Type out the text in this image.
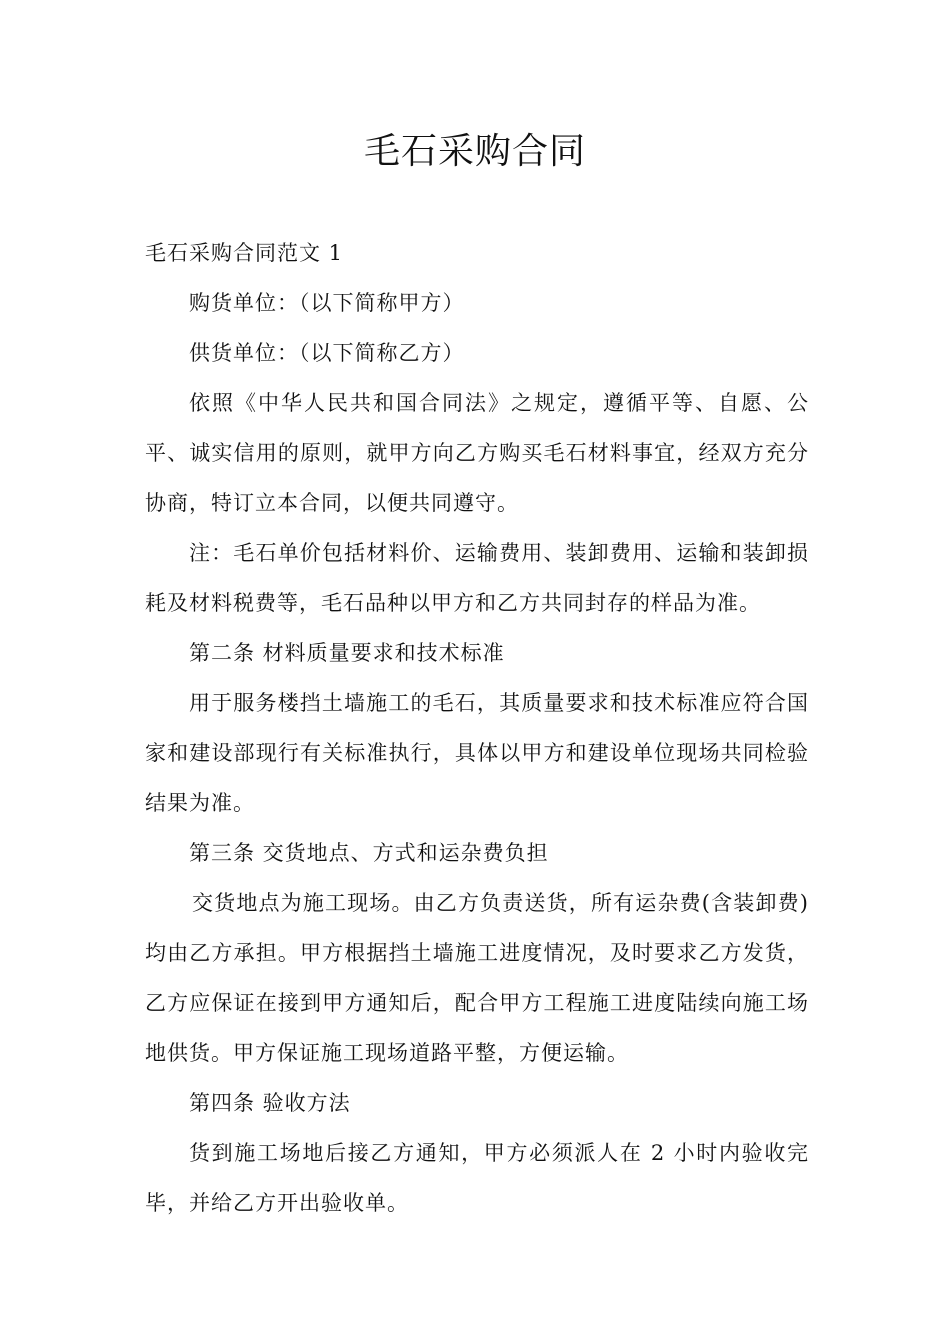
毛石采购合同

毛石采购合同范文 1

购货单位：（以下简称甲方）

供货单位：（以下简称乙方）

依照《中华人民共和国合同法》之规定，遵循平等、自愿、公平、诚实信用的原则，就甲方向乙方购买毛石材料事宜，经双方充分协商，特订立本合同，以便共同遵守。

注：毛石单价包括材料价、运输费用、装卸费用、运输和装卸损耗及材料税费等，毛石品种以甲方和乙方共同封存的样品为准。

第二条 材料质量要求和技术标准

用于服务楼挡土墙施工的毛石，其质量要求和技术标准应符合国家和建设部现行有关标准执行，具体以甲方和建设单位现场共同检验结果为准。

第三条 交货地点、方式和运杂费负担

交货地点为施工现场。由乙方负责送货，所有运杂费(含装卸费)均由乙方承担。甲方根据挡土墙施工进度情况，及时要求乙方发货，乙方应保证在接到甲方通知后，配合甲方工程施工进度陆续向施工场地供货。甲方保证施工现场道路平整，方便运输。

第四条 验收方法

货到施工场地后接乙方通知，甲方必须派人在 2 小时内验收完毕，并给乙方开出验收单。
